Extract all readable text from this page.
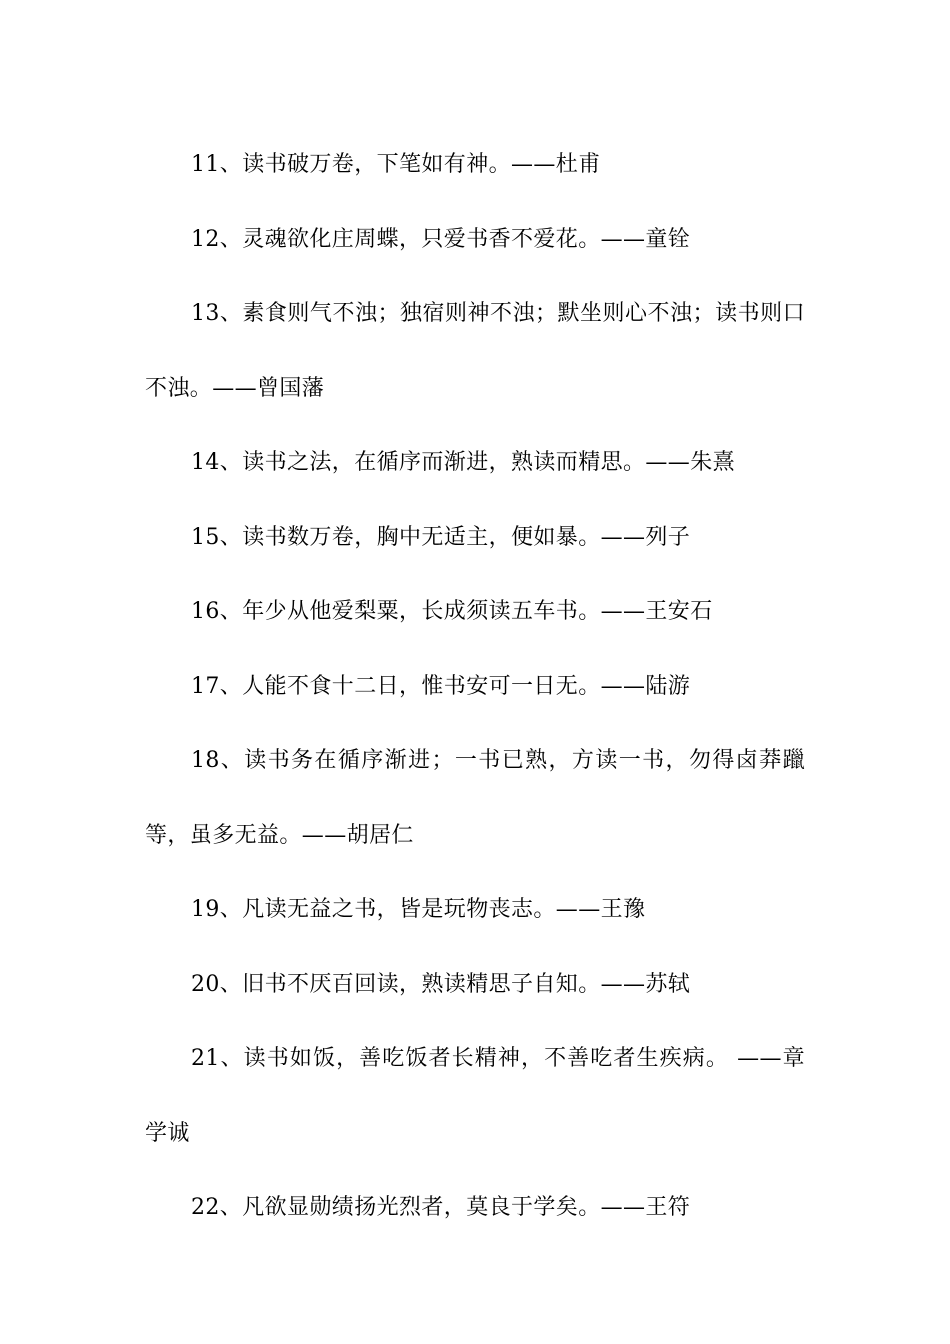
11、读书破万卷，下笔如有神。——杜甫

12、灵魂欲化庄周蝶，只爱书香不爱花。——童铨

13、素食则气不浊；独宿则神不浊；默坐则心不浊；读书则口不浊。——曾国藩

14、读书之法，在循序而渐进，熟读而精思。——朱熹

15、读书数万卷，胸中无适主，便如暴。——列子

16、年少从他爱梨粟，长成须读五车书。——王安石

17、人能不食十二日，惟书安可一日无。——陆游

18、读书务在循序渐进；一书已熟，方读一书，勿得卤莽躐等，虽多无益。——胡居仁

19、凡读无益之书，皆是玩物丧志。——王豫

20、旧书不厌百回读，熟读精思子自知。——苏轼

21、读书如饭，善吃饭者长精神，不善吃者生疾病。 ——章学诚

22、凡欲显勋绩扬光烈者，莫良于学矣。——王符
